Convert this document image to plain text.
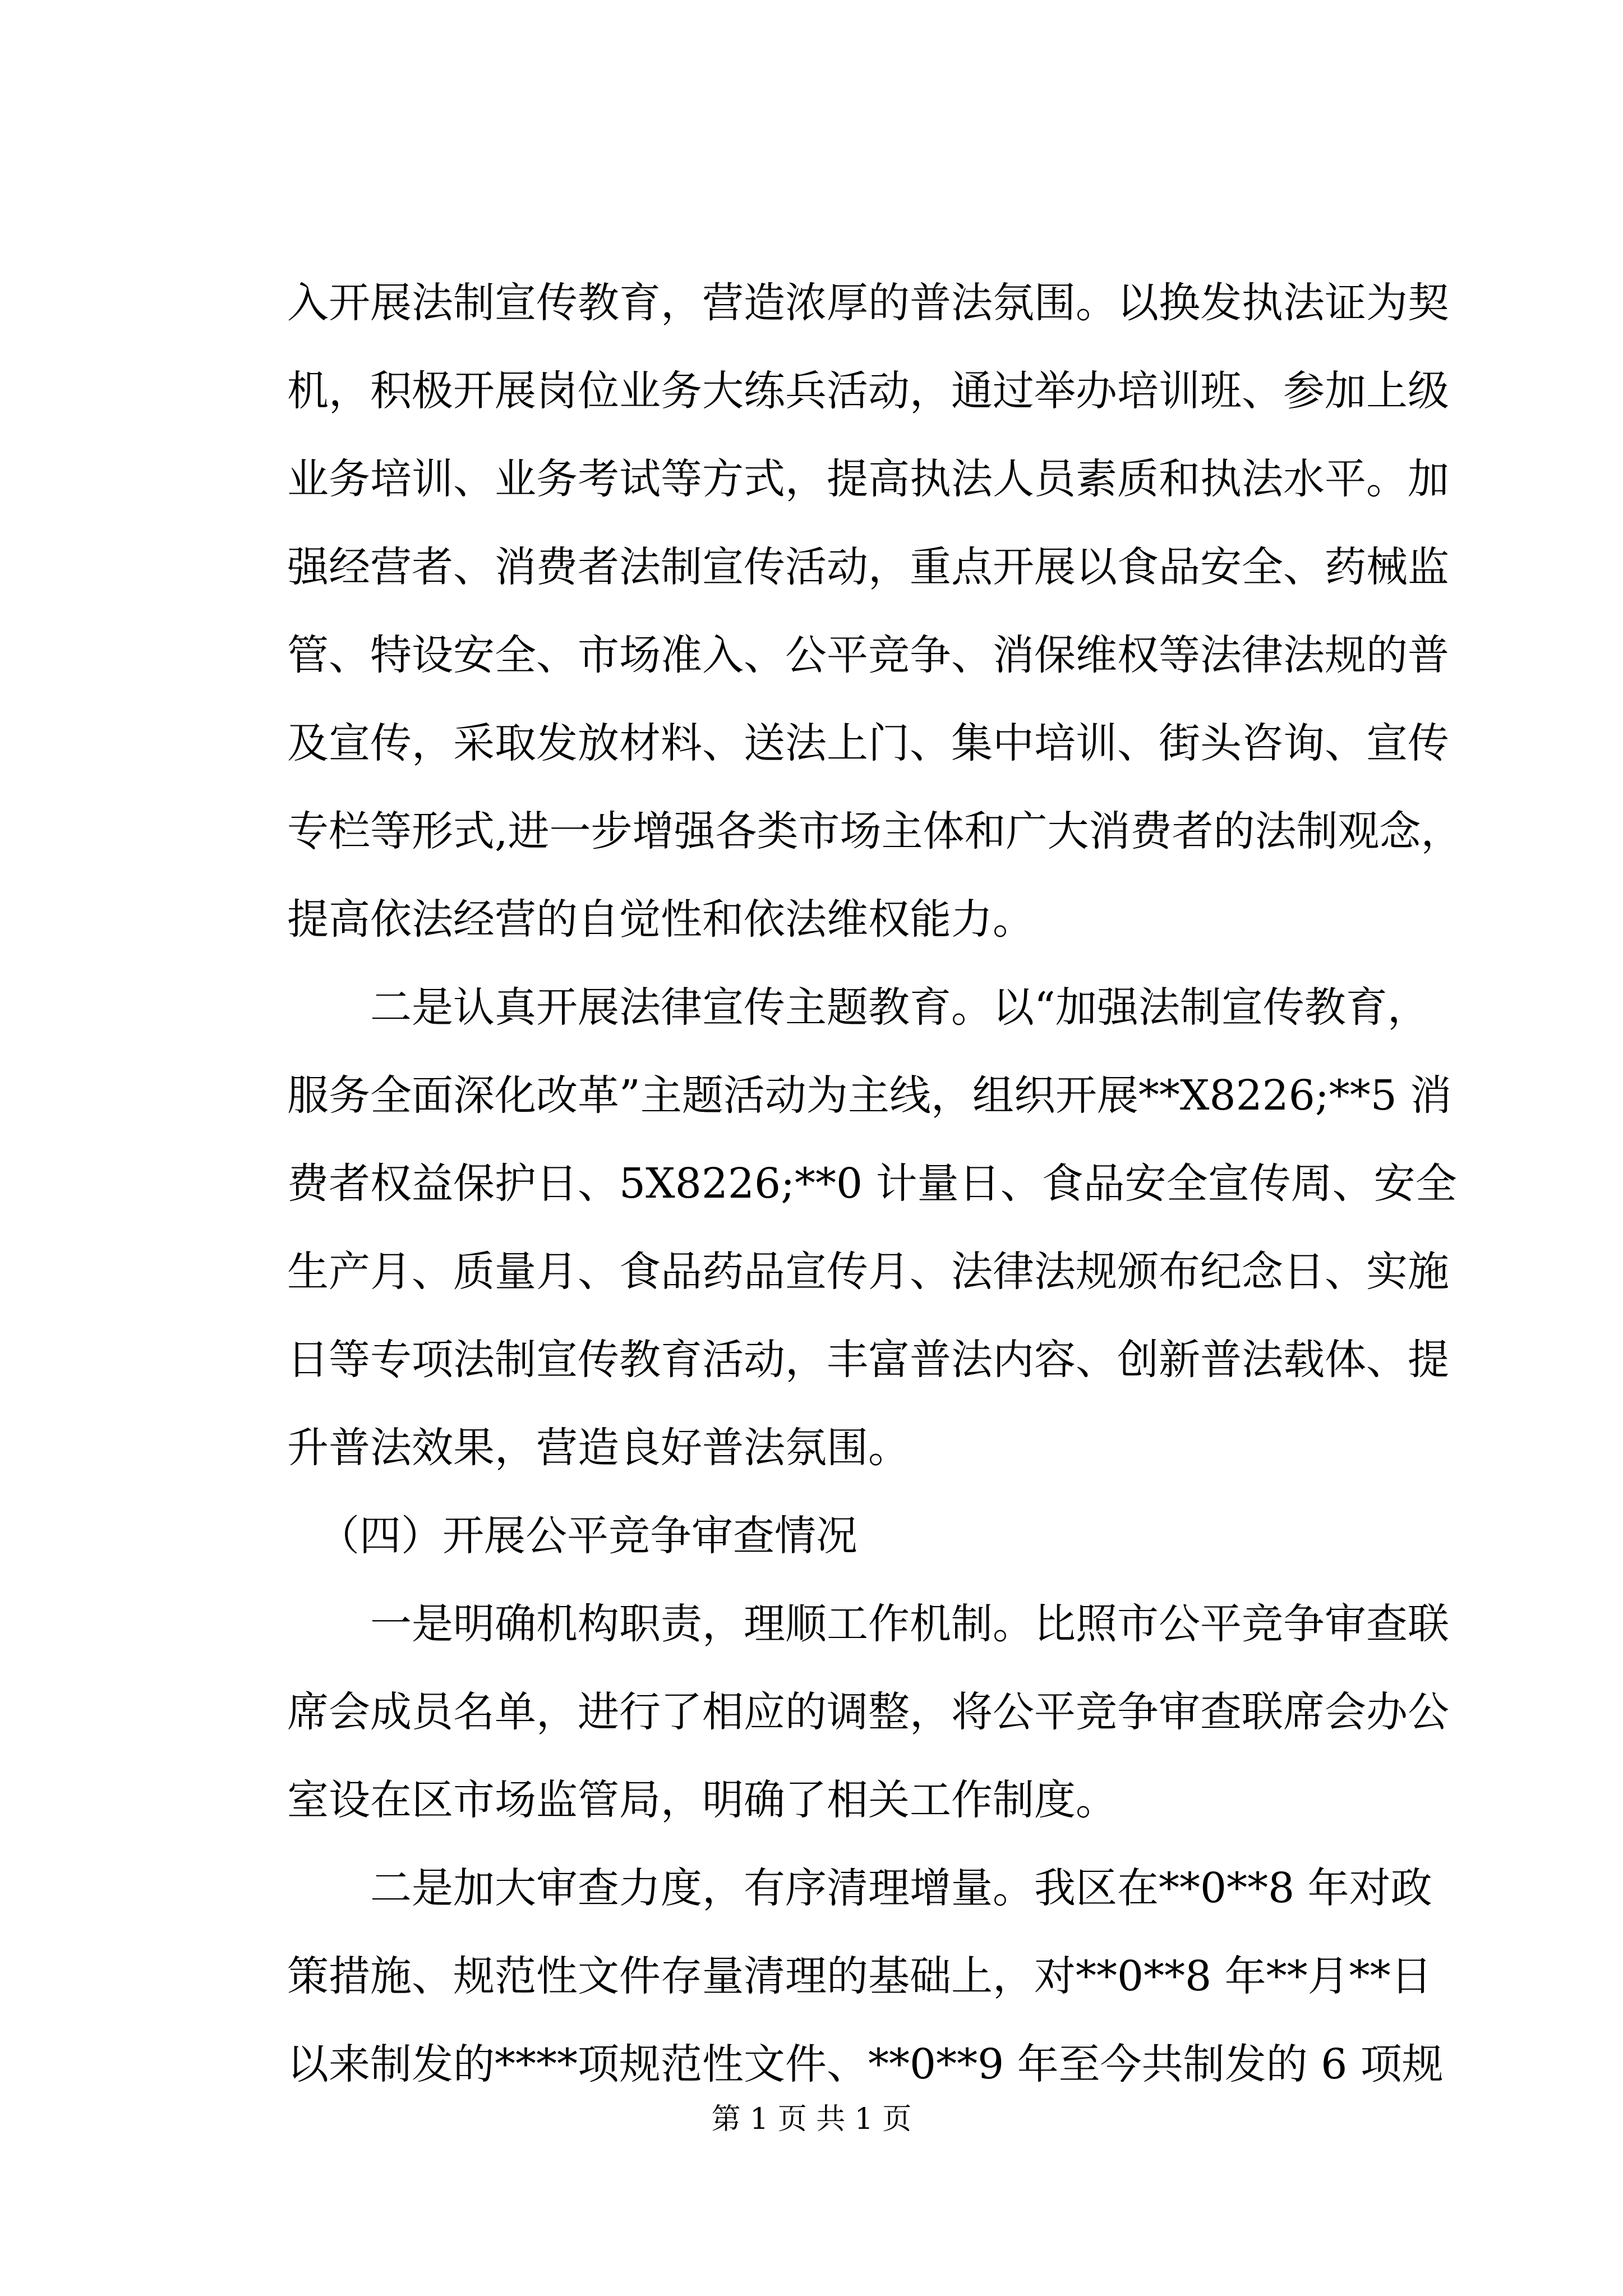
入开展法制宣传教育，营造浓厚的普法氛围。以换发执法证为契
机，积极开展岗位业务大练兵活动，通过举办培训班、参加上级
业务培训、业务考试等方式，提高执法人员素质和执法水平。加
强经营者、消费者法制宣传活动，重点开展以食品安全、药械监
管、特设安全、市场准入、公平竞争、消保维权等法律法规的普
及宣传，采取发放材料、送法上门、集中培训、街头咨询、宣传
专栏等形式,进一步增强各类市场主体和广大消费者的法制观念，
提高依法经营的自觉性和依法维权能力。
二是认真开展法律宣传主题教育。以“加强法制宣传教育，
服务全面深化改革”主题活动为主线，组织开展**X8226;**5 消
费者权益保护日、5X8226;**0 计量日、食品安全宣传周、安全
生产月、质量月、食品药品宣传月、法律法规颁布纪念日、实施
日等专项法制宣传教育活动，丰富普法内容、创新普法载体、提
升普法效果，营造良好普法氛围。
（四）开展公平竞争审查情况
一是明确机构职责，理顺工作机制。比照市公平竞争审查联
席会成员名单，进行了相应的调整，将公平竞争审查联席会办公
室设在区市场监管局，明确了相关工作制度。
二是加大审查力度，有序清理增量。我区在**0**8 年对政
策措施、规范性文件存量清理的基础上，对**0**8 年**月**日
以来制发的****项规范性文件、**0**9 年至今共制发的 6 项规
第 1 页 共 1 页
